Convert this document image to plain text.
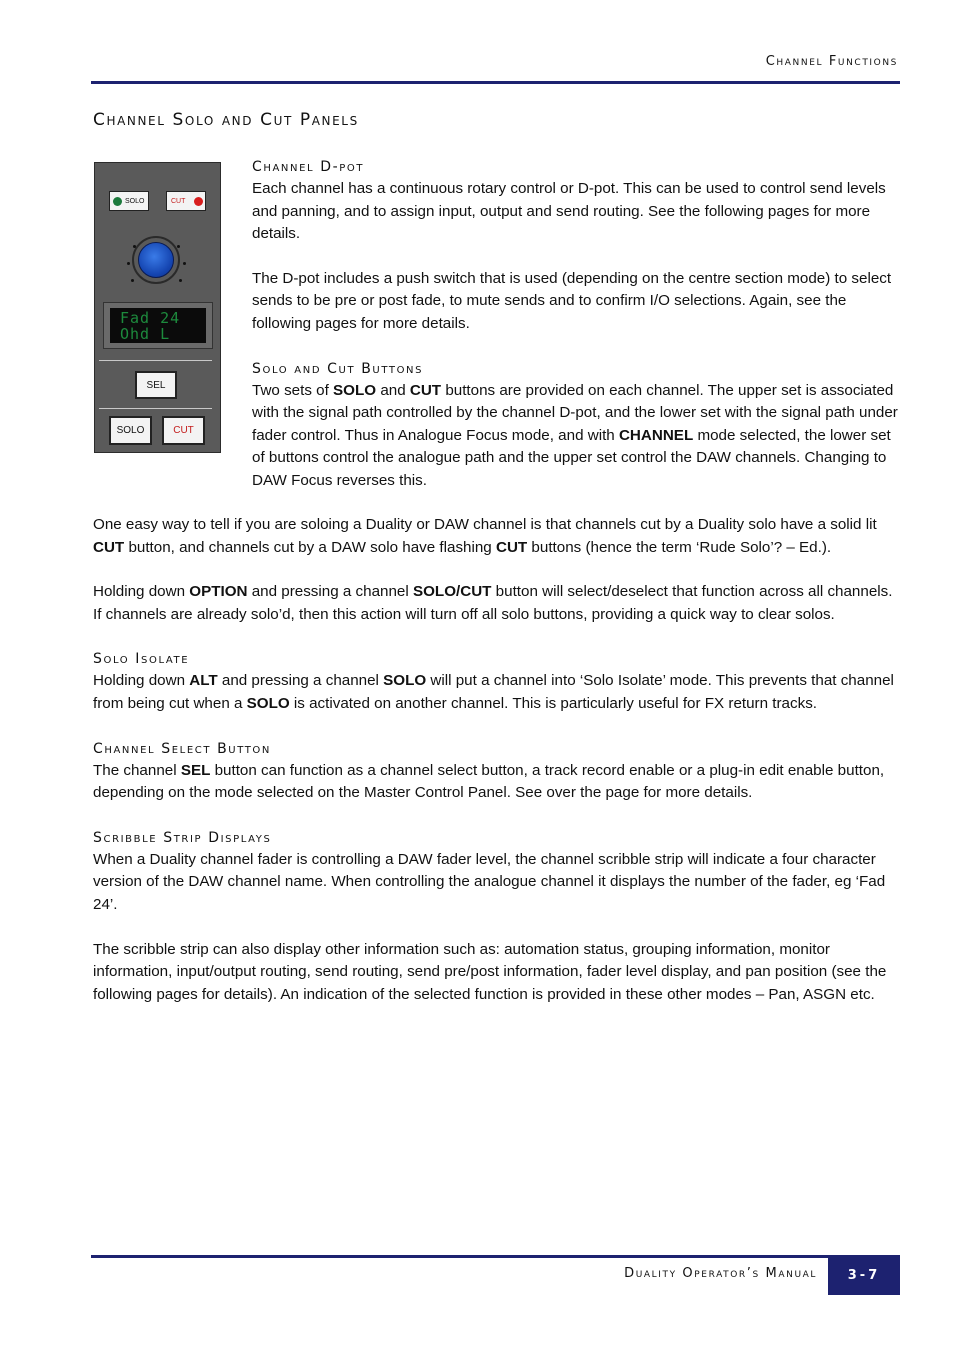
Channel Functions
Channel Solo and Cut Panels
SOLO	CUT
Fad 24
Ohd L
SEL
SOLO	CUT
Channel D-pot

Each channel has a continuous rotary control or D-pot. This can be used to control send levels and panning, and to assign input, output and send routing. See the following pages for more details.

The D-pot includes a push switch that is used (depending on the centre section mode) to select sends to be pre or post fade, to mute sends and to confirm I/O selections. Again, see the following pages for more details.

Solo and Cut Buttons

Two sets of SOLO and CUT buttons are provided on each channel. The upper set is associated with the signal path controlled by the channel D-pot, and the lower set with the signal path under fader control. Thus in Analogue Focus mode, and with CHANNEL mode selected, the lower set of buttons control the analogue path and the upper set control the DAW channels. Changing to DAW Focus reverses this.

One easy way to tell if you are soloing a Duality or DAW channel is that channels cut by a Duality solo have a solid lit CUT button, and channels cut by a DAW solo have flashing CUT buttons (hence the term ‘Rude Solo’? – Ed.).

Holding down OPTION and pressing a channel SOLO/CUT button will select/deselect that function across all channels. If channels are already solo’d, then this action will turn off all solo buttons, providing a quick way to clear solos.

Solo Isolate

Holding down ALT and pressing a channel SOLO will put a channel into ‘Solo Isolate’ mode. This prevents that channel from being cut when a SOLO is activated on another channel. This is particularly useful for FX return tracks.

Channel Select Button

The channel SEL button can function as a channel select button, a track record enable or a plug-in edit enable button, depending on the mode selected on the Master Control Panel. See over the page for more details.

Scribble Strip Displays

When a Duality channel fader is controlling a DAW fader level, the channel scribble strip will indicate a four character version of the DAW channel name. When controlling the analogue channel it displays the number of the fader, eg ‘Fad 24’.

The scribble strip can also display other information such as: automation status, grouping information, monitor information, input/output routing, send routing, send pre/post information, fader level display, and pan position (see the following pages for details). An indication of the selected function is provided in these other modes – Pan, ASGN etc.

Duality Operator’s Manual	3-7
